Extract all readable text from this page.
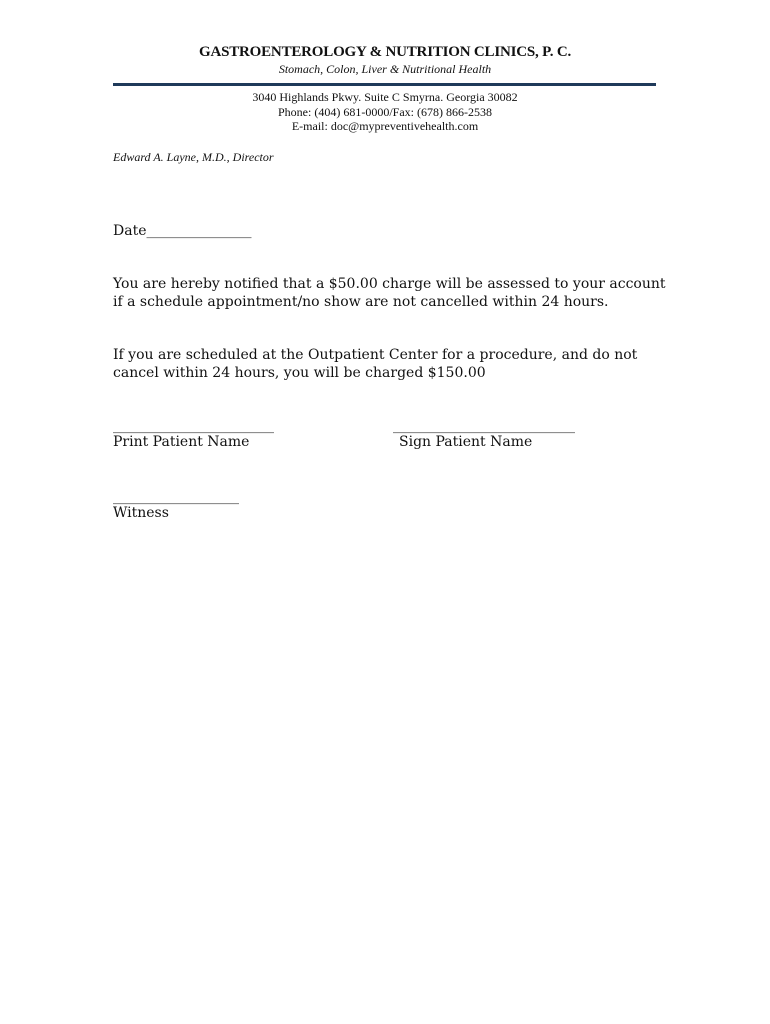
GASTROENTEROLOGY & NUTRITION CLINICS, P. C.
Stomach, Colon, Liver & Nutritional Health
3040 Highlands Pkwy. Suite C Smyrna. Georgia 30082
Phone: (404) 681-0000/Fax: (678) 866-2538
E-mail: doc@mypreventivehealth.com
Edward A. Layne, M.D., Director
Date_______________
You are hereby notified that a $50.00 charge will be assessed to your account if a schedule appointment/no show are not cancelled within 24 hours.
If you are scheduled at the Outpatient Center for a procedure, and do not cancel within 24 hours, you will be charged $150.00
_______________________
Print Patient Name
__________________________
Sign Patient Name
__________________
Witness
